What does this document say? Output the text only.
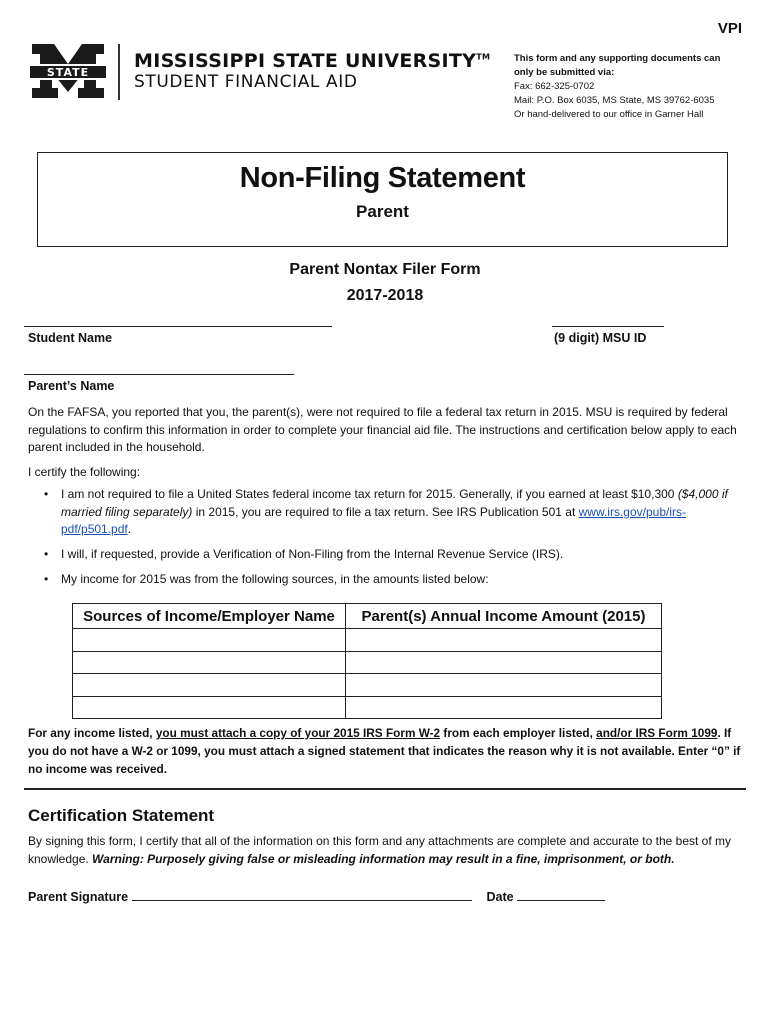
VPI
STATE
MISSISSIPPI STATE UNIVERSITY™
STUDENT FINANCIAL AID
This form and any supporting documents can
only be submitted via:
Fax: 662-325-0702
Mail: P.O. Box 6035, MS State, MS 39762-6035
Or hand-delivered to our office in Garner Hall
Non-Filing Statement
Parent
Parent Nontax Filer Form
2017-2018
Student Name	(9 digit) MSU ID
Parent’s Name
On the FAFSA, you reported that you, the parent(s), were not required to file a federal tax return in 2015. MSU is required by federal regulations to confirm this information in order to complete your financial aid file. The instructions and certification below apply to each parent included in the household.
I certify the following:
• I am not required to file a United States federal income tax return for 2015. Generally, if you earned at least $10,300 ($4,000 if married filing separately) in 2015, you are required to file a tax return. See IRS Publication 501 at www.irs.gov/pub/irs-pdf/p501.pdf.
• I will, if requested, provide a Verification of Non-Filing from the Internal Revenue Service (IRS).
• My income for 2015 was from the following sources, in the amounts listed below:
Sources of Income/Employer Name	Parent(s) Annual Income Amount (2015)

For any income listed, you must attach a copy of your 2015 IRS Form W-2 from each employer listed, and/or IRS Form 1099. If you do not have a W-2 or 1099, you must attach a signed statement that indicates the reason why it is not available. Enter “0” if no income was received.
Certification Statement
By signing this form, I certify that all of the information on this form and any attachments are complete and accurate to the best of my knowledge. Warning: Purposely giving false or misleading information may result in a fine, imprisonment, or both.
Parent Signature	Date
